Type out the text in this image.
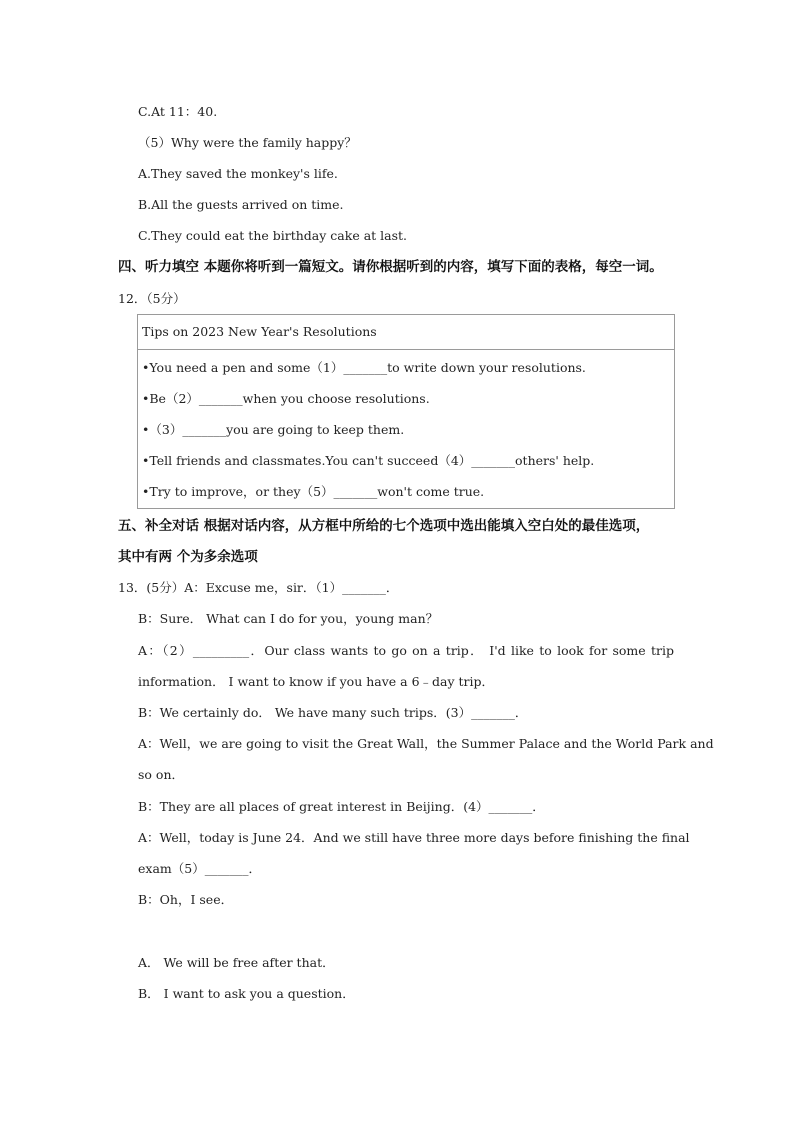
C.At 11：40.
（5）Why were the family happy？
A.They saved the monkey's life.
B.All the guests arrived on time.
C.They could eat the birthday cake at last.
四、听力填空 本题你将听到一篇短文。请你根据听到的内容，填写下面的表格，每空一词。
12．（5分）
Tips on 2023 New Year's Resolutions
•You need a pen and some（1）_______to write down your resolutions.
•Be（2）_______when you choose resolutions.
•（3）_______you are going to keep them.
•Tell friends and classmates.You can't succeed（4）_______others' help.
•Try to improve，or they（5）_______won't come true.
五、补全对话 根据对话内容，从方框中所给的七个选项中选出能填入空白处的最佳选项，
其中有两 个为多余选项
13．(5分）A：Excuse me，sir．（1）_______．
B：Sure． What can I do for you，young man？
A：（2）_________．Our class wants to go on a trip． I'd like to look for some trip
information． I want to know if you have a 6﹣day trip．
B：We certainly do． We have many such trips．(3）_______．
A：Well，we are going to visit the Great Wall，the Summer Palace and the World Park and
so on．
B：They are all places of great interest in Beijing．(4）_______．
A：Well，today is June 24．And we still have three more days before finishing the final
exam（5）_______．
B：Oh，I see．
A． We will be free after that．
B． I want to ask you a question．
